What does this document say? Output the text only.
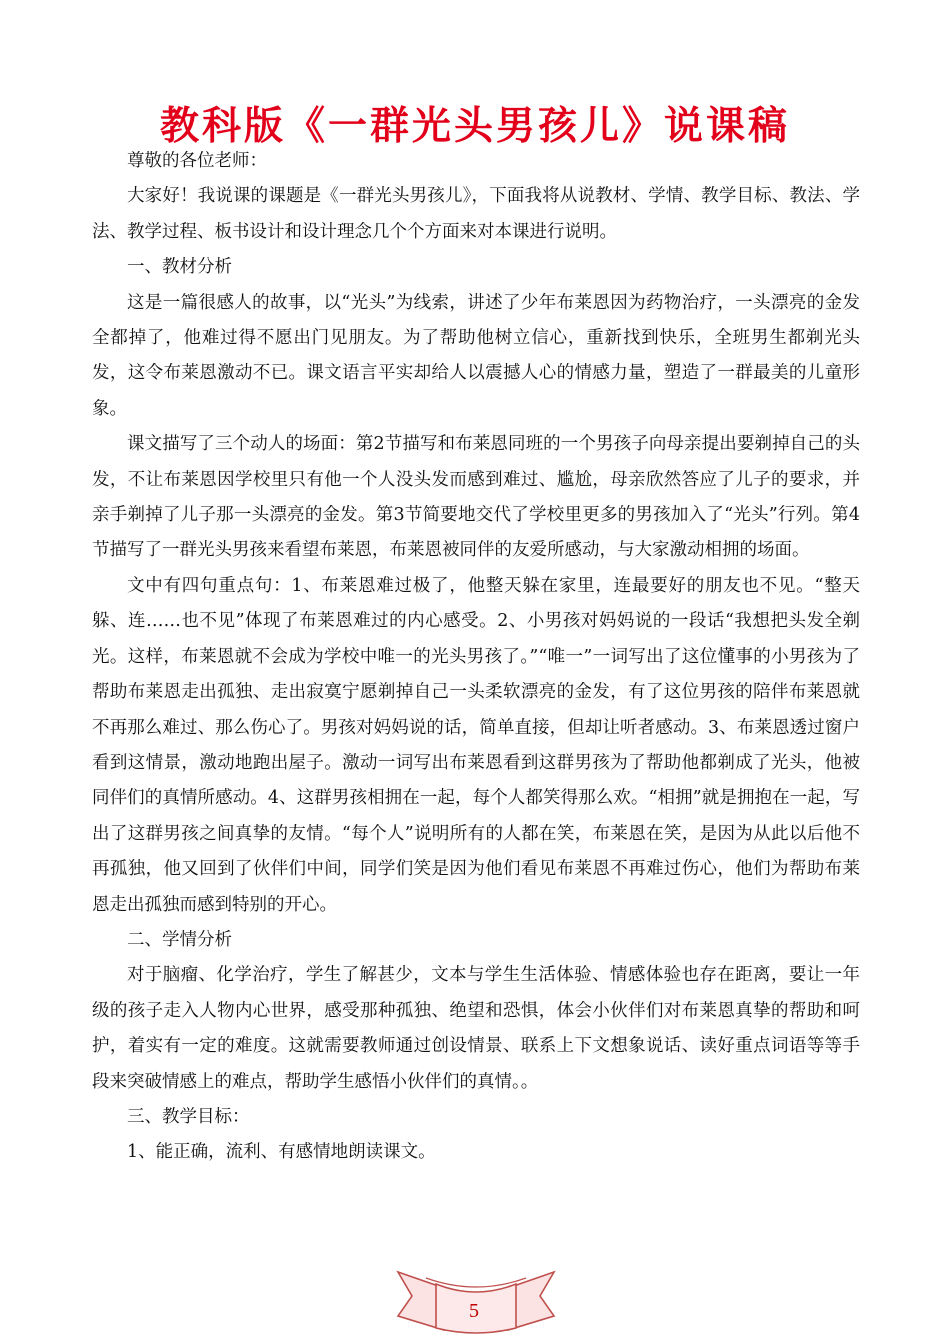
教科版《一群光头男孩儿》说课稿

尊敬的各位老师：

大家好！我说课的课题是《一群光头男孩儿》，下面我将从说教材、学情、教学目标、教法、学法、教学过程、板书设计和设计理念几个个方面来对本课进行说明。

一、教材分析

这是一篇很感人的故事，以“光头”为线索，讲述了少年布莱恩因为药物治疗，一头漂亮的金发全都掉了，他难过得不愿出门见朋友。为了帮助他树立信心，重新找到快乐，全班男生都剃光头发，这令布莱恩激动不已。课文语言平实却给人以震撼人心的情感力量，塑造了一群最美的儿童形象。

课文描写了三个动人的场面：第2节描写和布莱恩同班的一个男孩子向母亲提出要剃掉自己的头发，不让布莱恩因学校里只有他一个人没头发而感到难过、尴尬，母亲欣然答应了儿子的要求，并亲手剃掉了儿子那一头漂亮的金发。第3节简要地交代了学校里更多的男孩加入了“光头”行列。第4节描写了一群光头男孩来看望布莱恩，布莱恩被同伴的友爱所感动，与大家激动相拥的场面。

文中有四句重点句：1、布莱恩难过极了，他整天躲在家里，连最要好的朋友也不见。“整天躲、连……也不见”体现了布莱恩难过的内心感受。2、小男孩对妈妈说的一段话“我想把头发全剃光。这样，布莱恩就不会成为学校中唯一的光头男孩了。”“唯一”一词写出了这位懂事的小男孩为了帮助布莱恩走出孤独、走出寂寞宁愿剃掉自己一头柔软漂亮的金发，有了这位男孩的陪伴布莱恩就不再那么难过、那么伤心了。男孩对妈妈说的话，简单直接，但却让听者感动。3、布莱恩透过窗户看到这情景，激动地跑出屋子。激动一词写出布莱恩看到这群男孩为了帮助他都剃成了光头，他被同伴们的真情所感动。4、这群男孩相拥在一起，每个人都笑得那么欢。“相拥”就是拥抱在一起，写出了这群男孩之间真挚的友情。“每个人”说明所有的人都在笑，布莱恩在笑，是因为从此以后他不再孤独，他又回到了伙伴们中间，同学们笑是因为他们看见布莱恩不再难过伤心，他们为帮助布莱恩走出孤独而感到特别的开心。

二、学情分析

对于脑瘤、化学治疗，学生了解甚少，文本与学生生活体验、情感体验也存在距离，要让一年级的孩子走入人物内心世界，感受那种孤独、绝望和恐惧，体会小伙伴们对布莱恩真挚的帮助和呵护，着实有一定的难度。这就需要教师通过创设情景、联系上下文想象说话、读好重点词语等等手段来突破情感上的难点，帮助学生感悟小伙伴们的真情。。

三、教学目标：

1、能正确，流利、有感情地朗读课文。

5
